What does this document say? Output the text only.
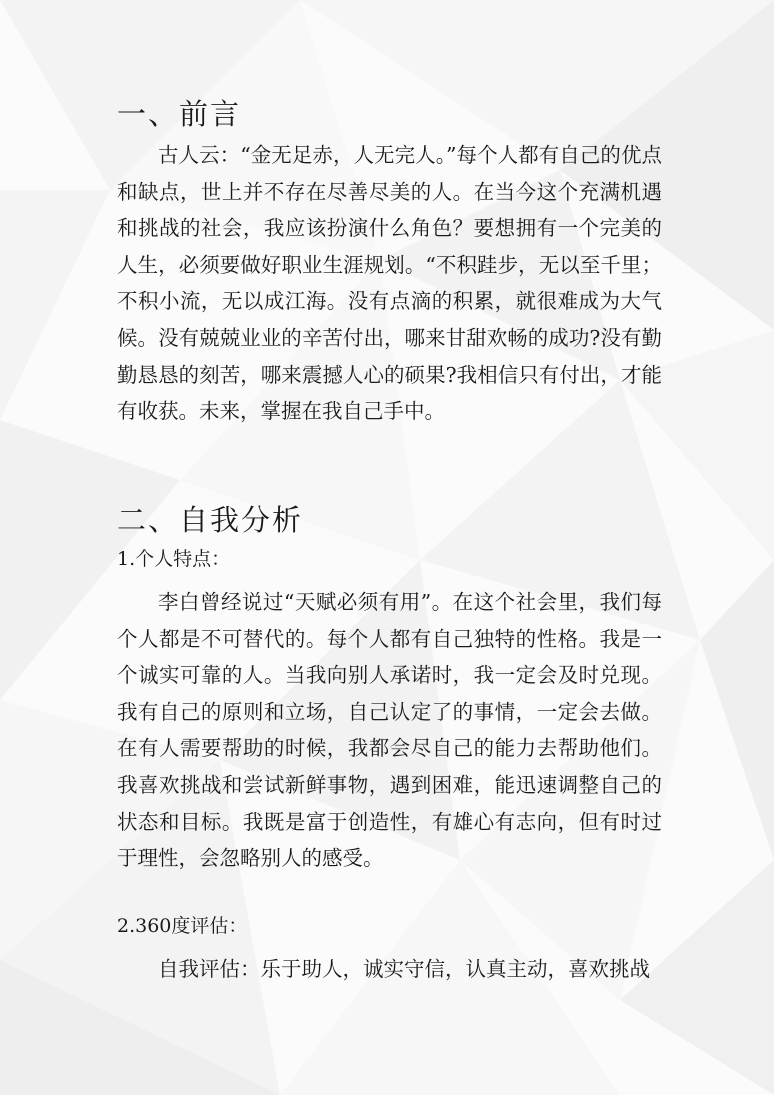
一、前言

古人云：“金无足赤，人无完人。”每个人都有自己的优点和缺点，世上并不存在尽善尽美的人。在当今这个充满机遇和挑战的社会，我应该扮演什么角色？要想拥有一个完美的人生，必须要做好职业生涯规划。“不积跬步，无以至千里；不积小流，无以成江海。没有点滴的积累，就很难成为大气候。没有兢兢业业的辛苦付出，哪来甘甜欢畅的成功?没有勤勤恳恳的刻苦，哪来震撼人心的硕果?我相信只有付出，才能有收获。未来，掌握在我自己手中。

二、自我分析
1.个人特点：

李白曾经说过“天赋必须有用”。在这个社会里，我们每个人都是不可替代的。每个人都有自己独特的性格。我是一个诚实可靠的人。当我向别人承诺时，我一定会及时兑现。我有自己的原则和立场，自己认定了的事情，一定会去做。在有人需要帮助的时候，我都会尽自己的能力去帮助他们。我喜欢挑战和尝试新鲜事物，遇到困难，能迅速调整自己的状态和目标。我既是富于创造性，有雄心有志向，但有时过于理性，会忽略别人的感受。

2.360度评估：

自我评估：乐于助人，诚实守信，认真主动，喜欢挑战
